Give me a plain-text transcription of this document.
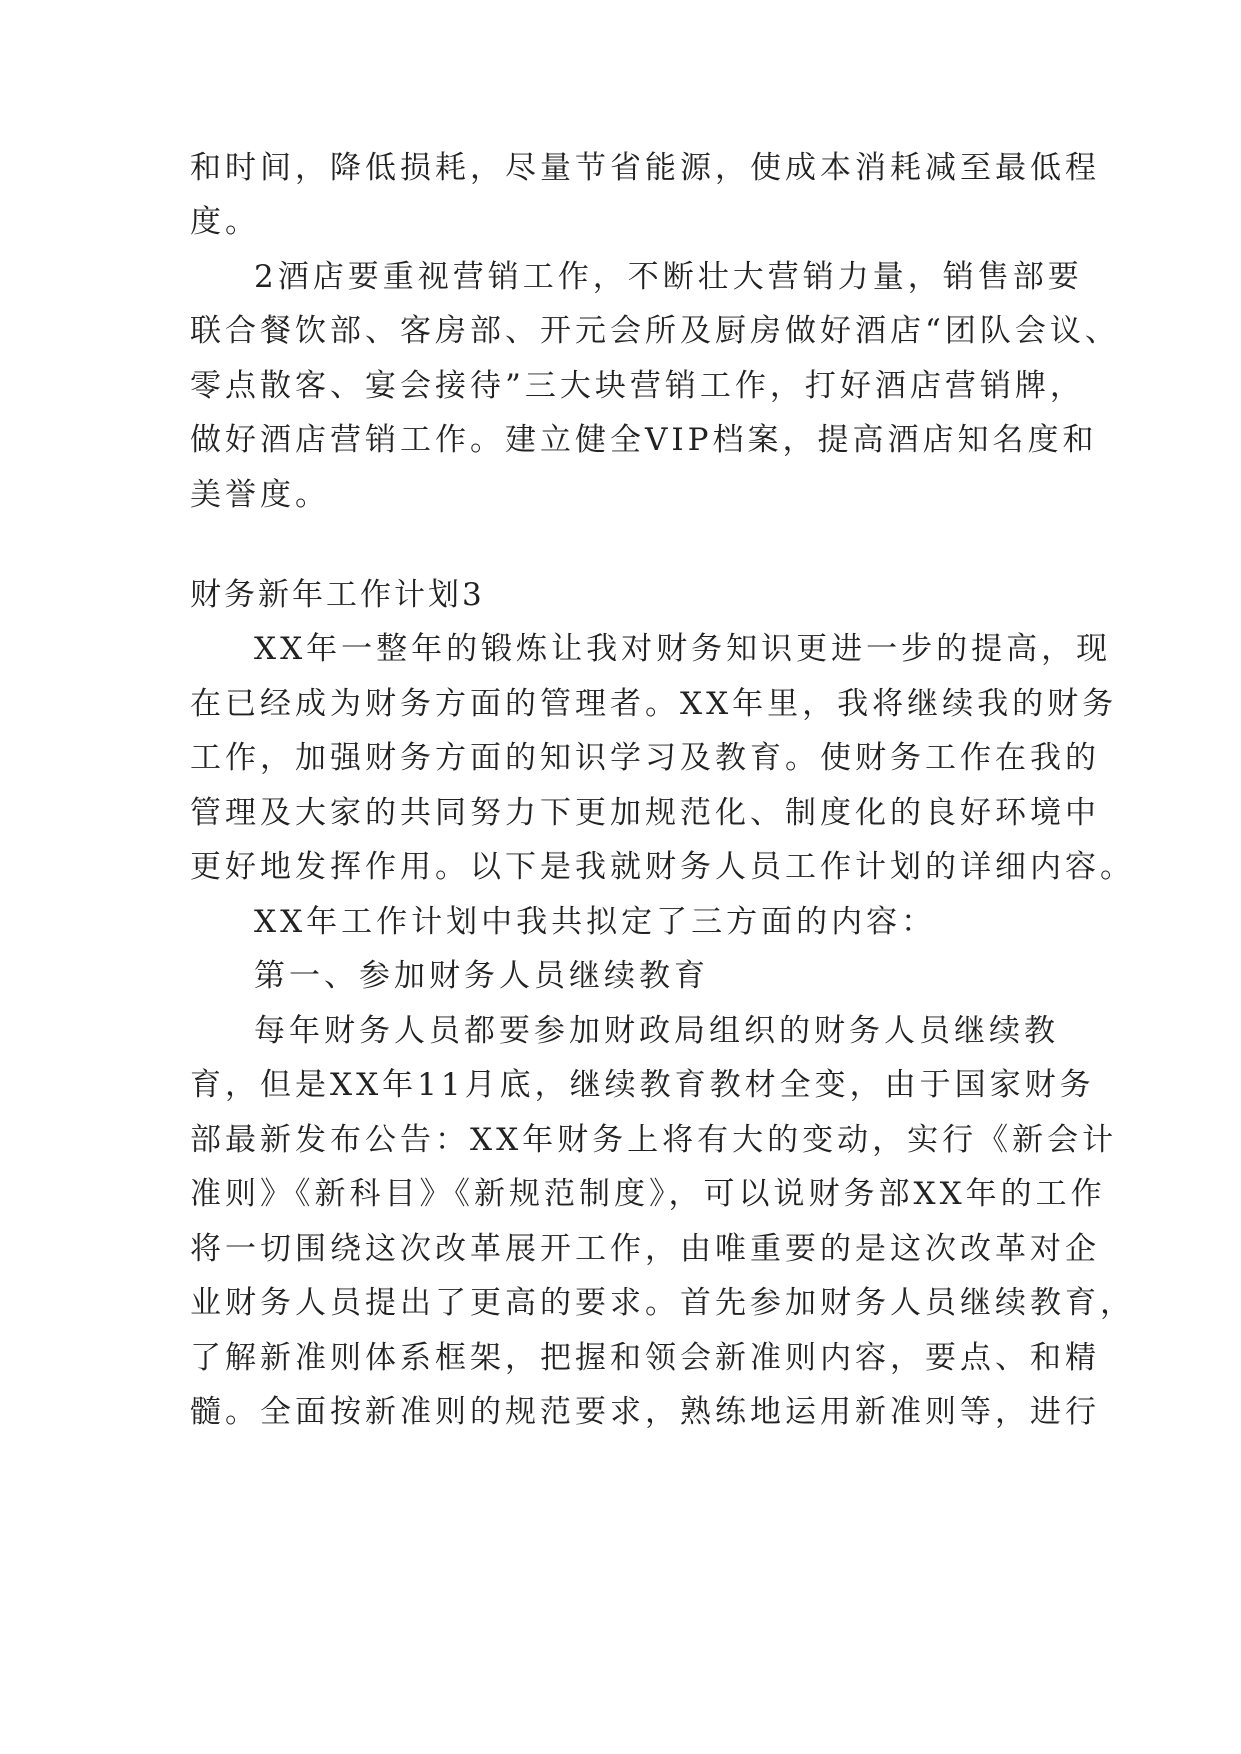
和时间，降低损耗，尽量节省能源，使成本消耗减至最低程
度。
2酒店要重视营销工作，不断壮大营销力量，销售部要
联合餐饮部、客房部、开元会所及厨房做好酒店“团队会议、
零点散客、宴会接待”三大块营销工作，打好酒店营销牌，
做好酒店营销工作。建立健全VIP档案，提高酒店知名度和
美誉度。
财务新年工作计划3
XX年一整年的锻炼让我对财务知识更进一步的提高，现
在已经成为财务方面的管理者。XX年里，我将继续我的财务
工作，加强财务方面的知识学习及教育。使财务工作在我的
管理及大家的共同努力下更加规范化、制度化的良好环境中
更好地发挥作用。以下是我就财务人员工作计划的详细内容。
XX年工作计划中我共拟定了三方面的内容：
第一、参加财务人员继续教育
每年财务人员都要参加财政局组织的财务人员继续教
育，但是XX年11月底，继续教育教材全变，由于国家财务
部最新发布公告：XX年财务上将有大的变动，实行《新会计
准则》《新科目》《新规范制度》，可以说财务部XX年的工作
将一切围绕这次改革展开工作，由唯重要的是这次改革对企
业财务人员提出了更高的要求。首先参加财务人员继续教育，
了解新准则体系框架，把握和领会新准则内容，要点、和精
髓。全面按新准则的规范要求，熟练地运用新准则等，进行
